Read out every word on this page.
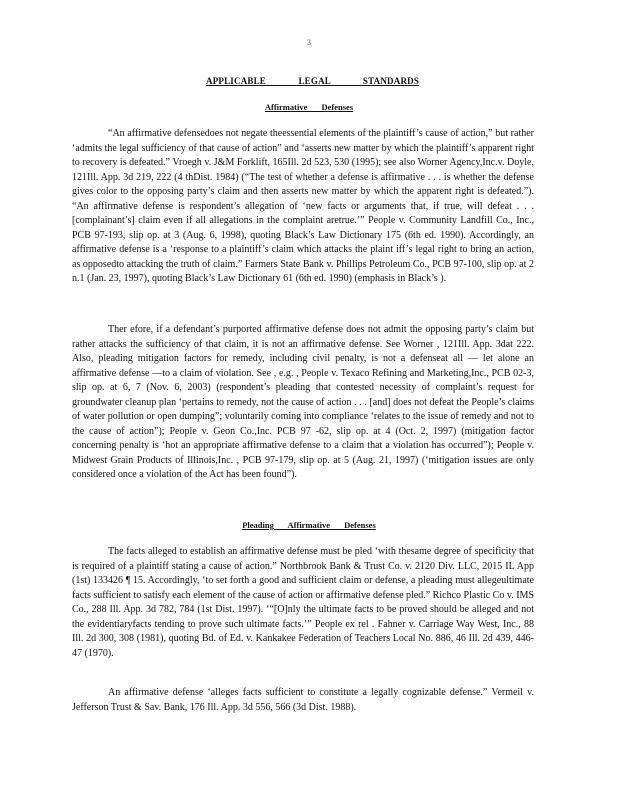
3
APPLICABLE LEGAL STANDARDS
Affirmative Defenses

“An affirmative defensedoes not negate theessential elements of the plaintiff’s cause of action,” but rather ‘admits the legal sufficiency of that cause of action” and ‘asserts new matter by which the plaintiff’s apparent right to recovery is defeated.” Vroegh v. J&M Forklift, 165Ill. 2d 523, 530 (1995); see also Worner Agency,Inc.v. Doyle, 121Ill. App. 3d 219, 222 (4 thDist. 1984) (“The test of whether a defense is affirmative . . . is whether the defense gives color to the opposing party’s claim and then asserts new matter by which the apparent right is defeated.”). “An affirmative defense is respondent’s allegation of ‘new facts or arguments that, if true, will defeat . . . [complainant’s] claim even if all allegations in the complaint aretrue.’” People v. Community Landfill Co., Inc., PCB 97-193, slip op. at 3 (Aug. 6, 1998), quoting Black’s Law Dictionary 175 (6th ed. 1990). Accordingly, an affirmative defense is a ‘response to a plaintiff’s claim which attacks the plaint iff’s legal right to bring an action, as opposedto attacking the truth of claim.” Farmers State Bank v. Phillips Petroleum Co., PCB 97-100, slip op. at 2 n.1 (Jan. 23, 1997), quoting Black’s Law Dictionary 61 (6th ed. 1990) (emphasis in Black’s ).

Ther efore, if a defendant’s purported affirmative defense does not admit the opposing party’s claim but rather attacks the sufficiency of that claim, it is not an affirmative defense. See Worner , 121Ill. App. 3dat 222. Also, pleading mitigation factors for remedy, including civil penalty, is not a defenseat all — let alone an affirmative defense —to a claim of violation. See , e.g. , People v. Texaco Refining and Marketing,Inc., PCB 02-3, slip op. at 6, 7 (Nov. 6, 2003) (respondent’s pleading that contested necessity of complaint’s request for groundwater cleanup plan ‘pertains to remedy, not the cause of action . . . [and] does not defeat the People’s claims of water pollution or open dumping”; voluntarily coming into compliance ‘relates to the issue of remedy and not to the cause of action”); People v. Geon Co.,Inc. PCB 97 -62, slip op. at 4 (Oct. 2, 1997) (mitigation factor concerning penalty is ‘hot an appropriate affirmative defense to a claim that a violation has occurred”); People v. Midwest Grain Products of Illinois,Inc. , PCB 97-179, slip op. at 5 (Aug. 21, 1997) (‘mitigation issues are only considered once a violation of the Act has been found”).

Pleading Affirmative Defenses

The facts alleged to establish an affirmative defense must be pled ‘with thesame degree of specificity that is required of a plaintiff stating a cause of action.” Northbrook Bank & Trust Co. v. 2120 Div. LLC, 2015 IL App (1st) 133426 ¶ 15. Accordingly, ‘to set forth a good and sufficient claim or defense, a pleading must allegeultimate facts sufficient to satisfy each element of the cause of action or affirmative defense pled.” Richco Plastic Co v. IMS Co., 288 Ill. App. 3d 782, 784 (1st Dist. 1997). ‘“[O]nly the ultimate facts to be proved should be alleged and not the evidentiaryfacts tending to prove such ultimate facts.’” People ex rel . Fahner v. Carriage Way West, Inc., 88 Ill. 2d 300, 308 (1981), quoting Bd. of Ed. v. Kankakee Federation of Teachers Local No. 886, 46 Ill. 2d 439, 446- 47 (1970).

An affirmative defense ‘alleges facts sufficient to constitute a legally cognizable defense.” Vermeil v. Jefferson Trust & Sav. Bank, 176 Ill. App. 3d 556, 566 (3d Dist. 1988).
